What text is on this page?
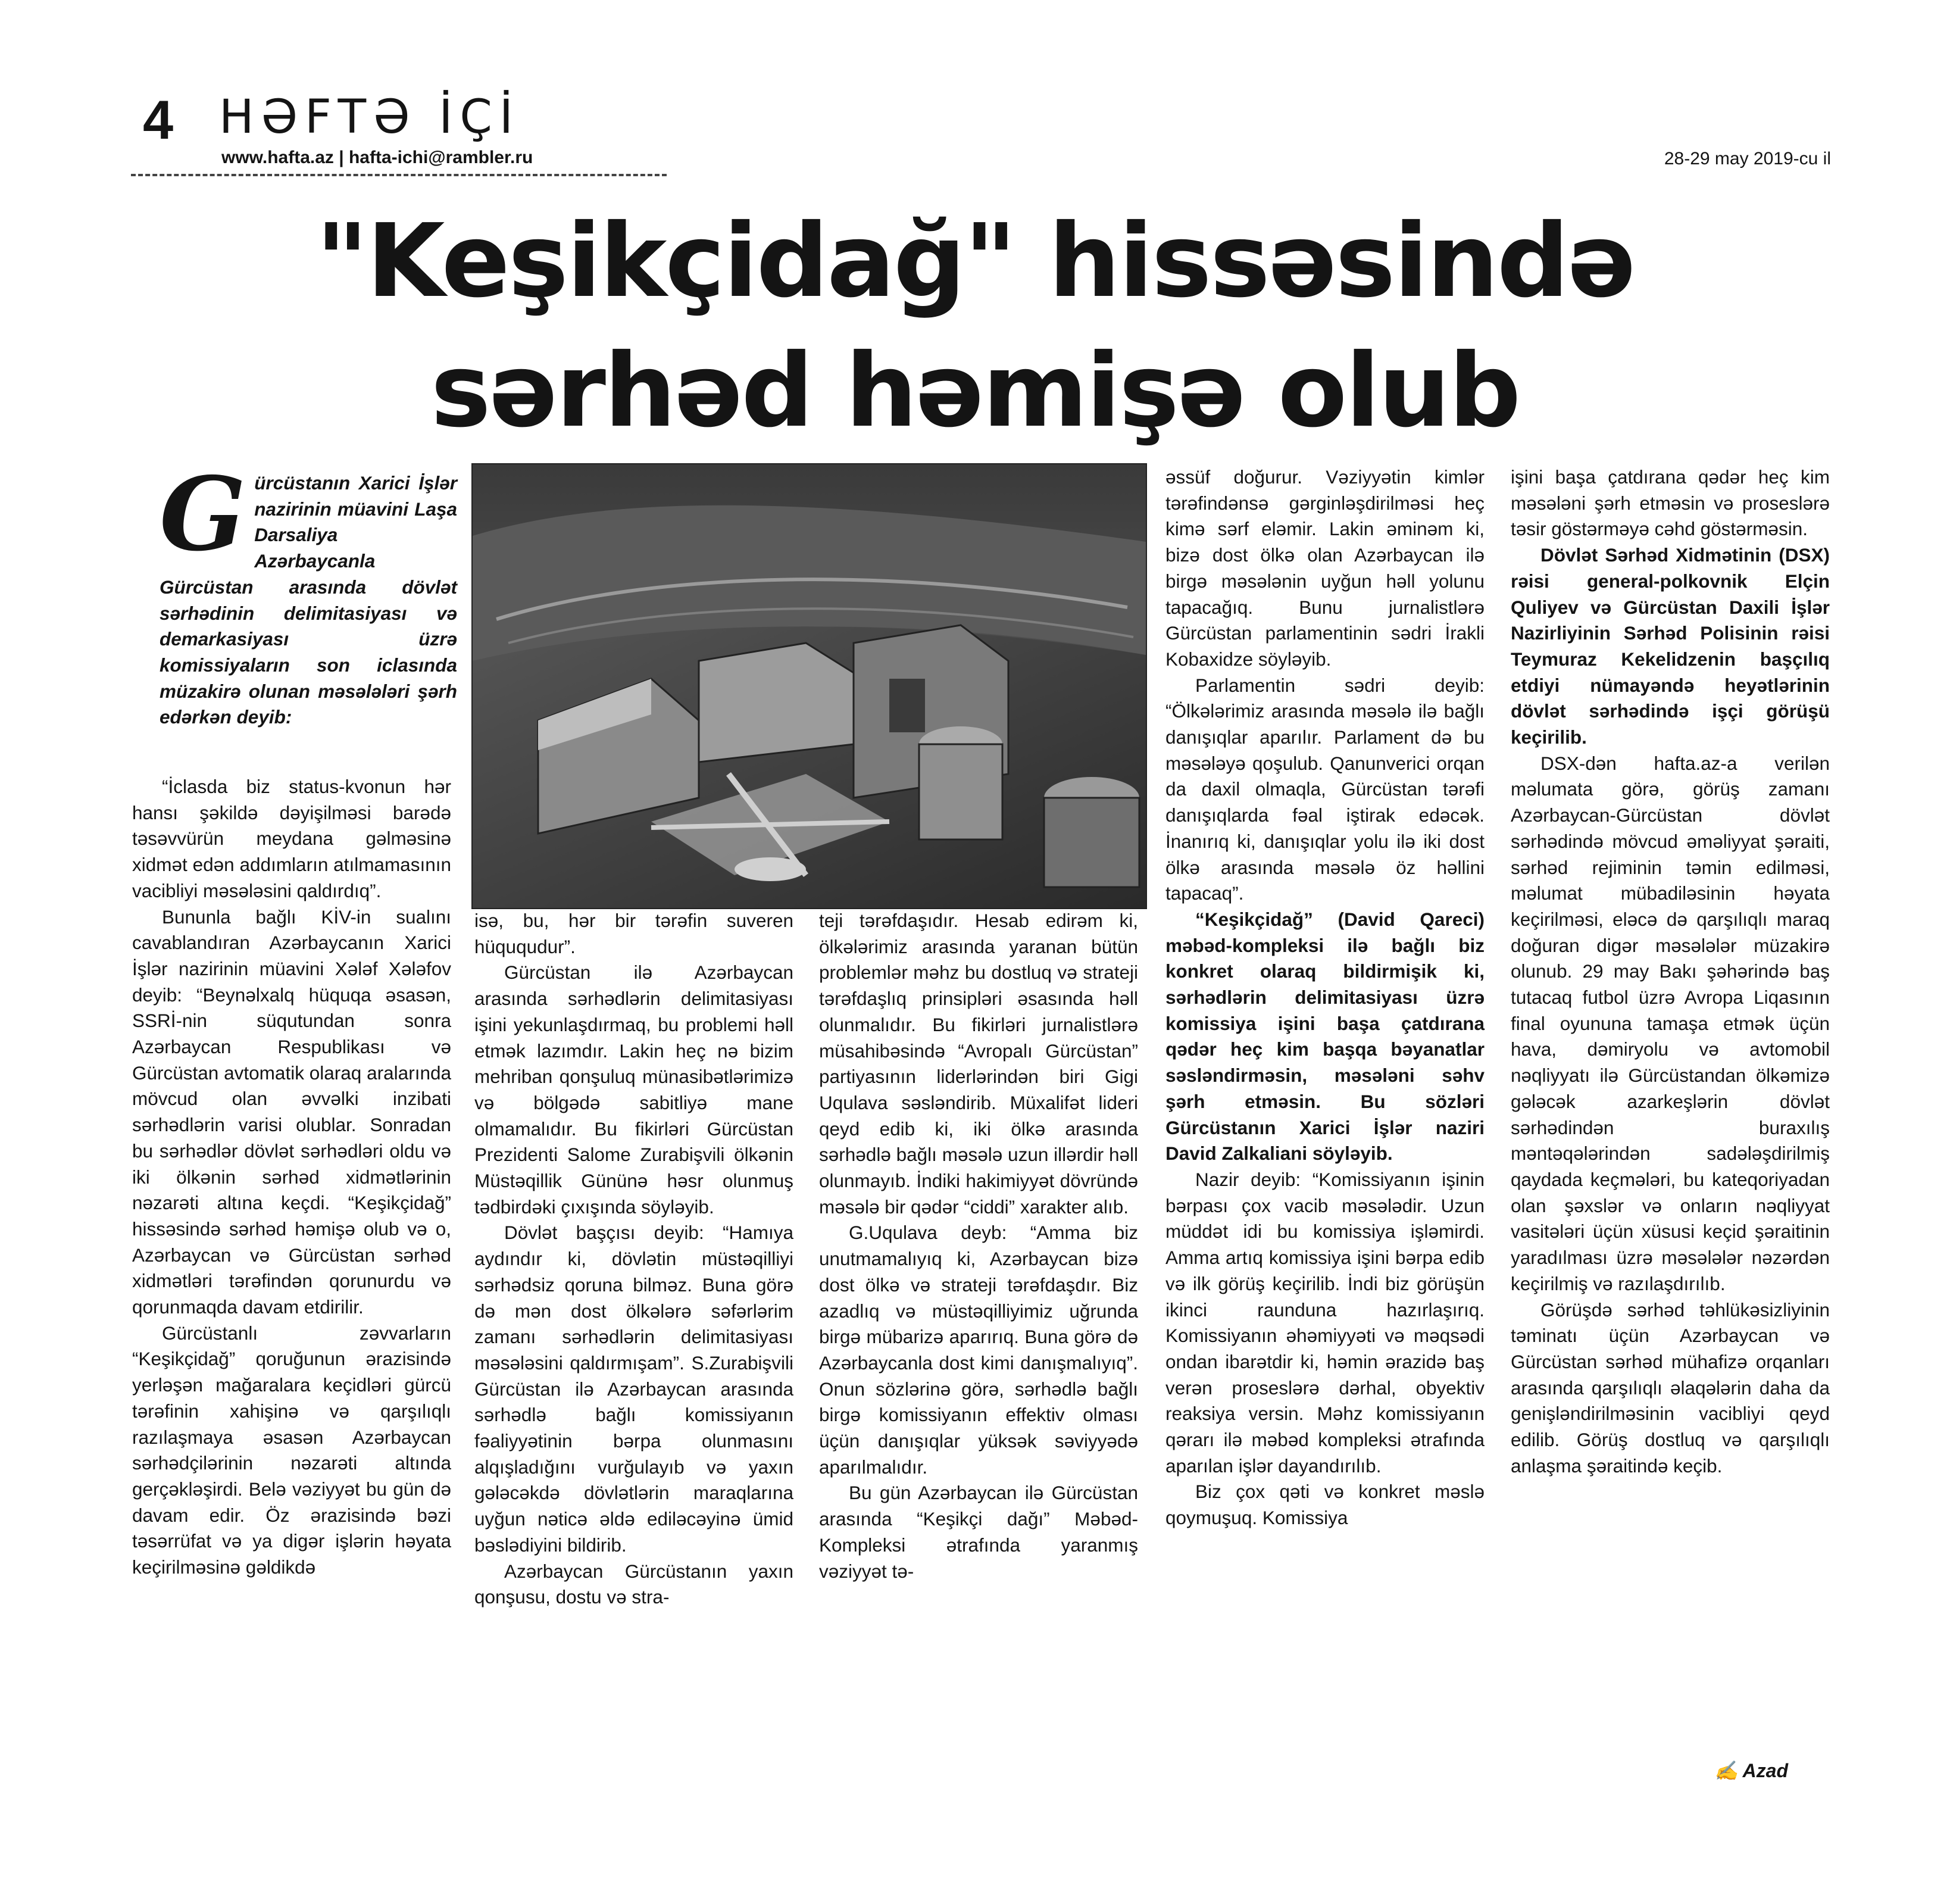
4 HƏFTƏ İÇİ
www.hafta.az | hafta-ichi@rambler.ru	28-29 may 2019-cu il
"Keşikçidağ" hissəsində
sərhəd həmişə olub
G ürcüstanın Xarici İşlər nazirinin müavini Laşa Darsaliya Azərbaycanla Gürcüstan arasında dövlət sərhədinin delimitasiyası və demarkasiyası üzrə komissiyaların son iclasında müzakirə olunan məsələləri şərh edərkən deyib:

“İclasda biz status-kvonun hər hansı şəkildə dəyişilməsi barədə təsəvvürün meydana gəlməsinə xidmət edən addımların atılmamasının vacibliyi məsələsini qaldırdıq”.

Bununla bağlı KİV-in sualını cavablandıran Azərbaycanın Xarici İşlər nazirinin müavini Xələf Xələfov deyib: “Beynəlxalq hüquqa əsasən, SSRİ-nin süqutundan sonra Azərbaycan Respublikası və Gürcüstan avtomatik olaraq aralarında mövcud olan əvvəlki inzibati sərhədlərin varisi olublar. Sonradan bu sərhədlər dövlət sərhədləri oldu və iki ölkənin sərhəd xidmətlərinin nəzarəti altına keçdi. “Keşikçidağ” hissəsində sərhəd həmişə olub və o, Azərbaycan və Gürcüstan sərhəd xidmətləri tərəfindən qorunurdu və qorunmaqda davam etdirilir.

Gürcüstanlı zəvvarların “Keşikçidağ” qoruğunun ərazisində yerləşən mağaralara keçidləri gürcü tərəfinin xahişinə və qarşılıqlı razılaşmaya əsasən Azərbaycan sərhədçilərinin nəzarəti altında gerçəkləşirdi. Belə vəziyyət bu gün də davam edir. Öz ərazisində bəzi təsərrüfat və ya digər işlərin həyata keçirilməsinə gəldikdə

isə, bu, hər bir tərəfin suveren hüququdur”.

Gürcüstan ilə Azərbaycan arasında sərhədlərin delimitasiyası işini yekunlaşdırmaq, bu problemi həll etmək lazımdır. Lakin heç nə bizim mehriban qonşuluq münasibətlərimizə və bölgədə sabitliyə mane olmamalıdır. Bu fikirləri Gürcüstan Prezidenti Salome Zurabişvili ölkənin Müstəqillik Gününə həsr olunmuş tədbirdəki çıxışında söyləyib.

Dövlət başçısı deyib: “Hamıya aydındır ki, dövlətin müstəqilliyi sərhədsiz qoruna bilməz. Buna görə də mən dost ölkələrə səfərlərim zamanı sərhədlərin delimitasiyası məsələsini qaldırmışam”. S.Zurabişvili Gürcüstan ilə Azərbaycan arasında sərhədlə bağlı komissiyanın fəaliyyətinin bərpa olunmasını alqışladığını vurğulayıb və yaxın gələcəkdə dövlətlərin maraqlarına uyğun nəticə əldə ediləcəyinə ümid bəslədiyini bildirib.

Azərbaycan Gürcüstanın yaxın qonşusu, dostu və stra-

teji tərəfdaşıdır. Hesab edirəm ki, ölkələrimiz arasında yaranan bütün problemlər məhz bu dostluq və strateji tərəfdaşlıq prinsipləri əsasında həll olunmalıdır. Bu fikirləri jurnalistlərə müsahibəsində “Avropalı Gürcüstan” partiyasının liderlərindən biri Gigi Uqulava səsləndirib. Müxalifət lideri qeyd edib ki, iki ölkə arasında sərhədlə bağlı məsələ uzun illərdir həll olunmayıb. İndiki hakimiyyət dövründə məsələ bir qədər “ciddi” xarakter alıb.

G.Uqulava deyb: “Amma biz unutmamalıyıq ki, Azərbaycan bizə dost ölkə və strateji tərəfdaşdır. Biz azadlıq və müstəqilliyimiz uğrunda birgə mübarizə aparırıq. Buna görə də Azərbaycanla dost kimi danışmalıyıq”. Onun sözlərinə görə, sərhədlə bağlı birgə komissiyanın effektiv olması üçün danışıqlar yüksək səviyyədə aparılmalıdır.

Bu gün Azərbaycan ilə Gürcüstan arasında “Keşikçi dağı” Məbəd-Kompleksi ətrafında yaranmış vəziyyət tə-

əssüf doğurur. Vəziyyətin kimlər tərəfindənsə gərginləşdirilməsi heç kimə sərf eləmir. Lakin əminəm ki, bizə dost ölkə olan Azərbaycan ilə birgə məsələnin uyğun həll yolunu tapacağıq. Bunu jurnalistlərə Gürcüstan parlamentinin sədri İrakli Kobaxidze söyləyib.

Parlamentin sədri deyib: “Ölkələrimiz arasında məsələ ilə bağlı danışıqlar aparılır. Parlament də bu məsələyə qoşulub. Qanunverici orqan da daxil olmaqla, Gürcüstan tərəfi danışıqlarda fəal iştirak edəcək. İnanırıq ki, danışıqlar yolu ilə iki dost ölkə arasında məsələ öz həllini tapacaq”.

“Keşikçidağ” (David Qareci) məbəd-kompleksi ilə bağlı biz konkret olaraq bildirmişik ki, sərhədlərin delimitasiyası üzrə komissiya işini başa çatdırana qədər heç kim başqa bəyanatlar səsləndirməsin, məsələni səhv şərh etməsin. Bu sözləri Gürcüstanın Xarici İşlər naziri David Zalkaliani söyləyib.

Nazir deyib: “Komissiyanın işinin bərpası çox vacib məsələdir. Uzun müddət idi bu komissiya işləmirdi. Amma artıq komissiya işini bərpa edib və ilk görüş keçirilib. İndi biz görüşün ikinci raunduna hazırlaşırıq. Komissiyanın əhəmiyyəti və məqsədi ondan ibarətdir ki, həmin ərazidə baş verən proseslərə dərhal, obyektiv reaksiya versin. Məhz komissiyanın qərarı ilə məbəd kompleksi ətrafında aparılan işlər dayandırılıb.

Biz çox qəti və konkret məslə qoymuşuq. Komissiya

işini başa çatdırana qədər heç kim məsələni şərh etməsin və proseslərə təsir göstərməyə cəhd göstərməsin.

Dövlət Sərhəd Xidmətinin (DSX) rəisi general-polkovnik Elçin Quliyev və Gürcüstan Daxili İşlər Nazirliyinin Sərhəd Polisinin rəisi Teymuraz Kekelidzenin başçılıq etdiyi nümayəndə heyətlərinin dövlət sərhədində işçi görüşü keçirilib.

DSX-dən hafta.az-a verilən məlumata görə, görüş zamanı Azərbaycan-Gürcüstan dövlət sərhədində mövcud əməliyyat şəraiti, sərhəd rejiminin təmin edilməsi, məlumat mübadiləsinin həyata keçirilməsi, eləcə də qarşılıqlı maraq doğuran digər məsələlər müzakirə olunub. 29 may Bakı şəhərində baş tutacaq futbol üzrə Avropa Liqasının final oyununa tamaşa etmək üçün hava, dəmiryolu və avtomobil nəqliyyatı ilə Gürcüstandan ölkəmizə gələcək azarkeşlərin dövlət sərhədindən buraxılış məntəqələrindən sadələşdirilmiş qaydada keçmələri, bu kateqoriyadan olan şəxslər və onların nəqliyyat vasitələri üçün xüsusi keçid şəraitinin yaradılması üzrə məsələlər nəzərdən keçirilmiş və razılaşdırılıb.

Görüşdə sərhəd təhlükəsizliyinin təminatı üçün Azərbaycan və Gürcüstan sərhəd mühafizə orqanları arasında qarşılıqlı əlaqələrin daha da genişləndirilməsinin vacibliyi qeyd edilib. Görüş dostluq və qarşılıqlı anlaşma şəraitində keçib.

✍ Azad
